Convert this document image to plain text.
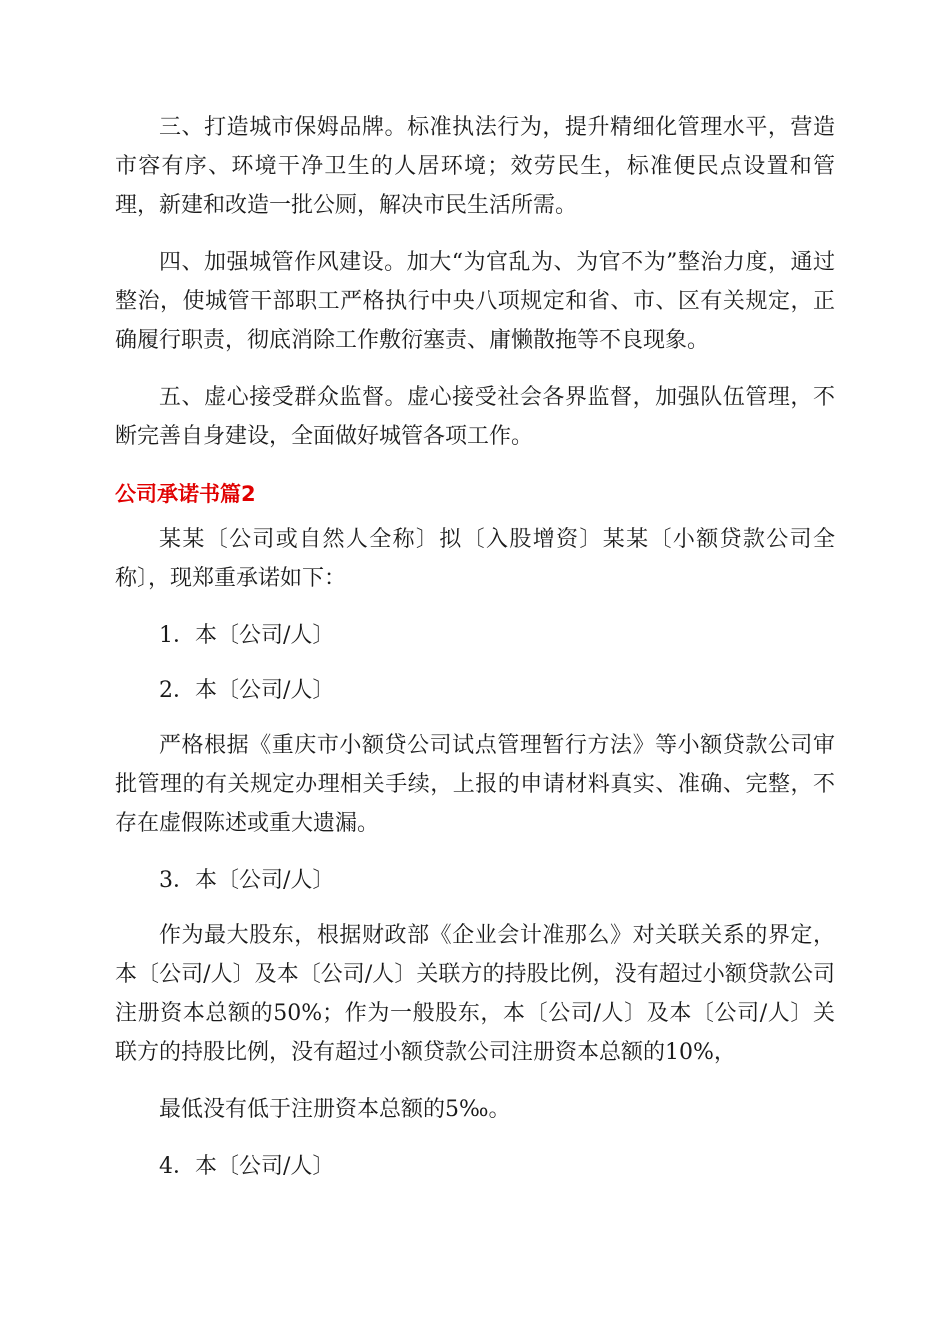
三、打造城市保姆品牌。标准执法行为，提升精细化管理水平，营造市容有序、环境干净卫生的人居环境；效劳民生，标准便民点设置和管理，新建和改造一批公厕，解决市民生活所需。

四、加强城管作风建设。加大“为官乱为、为官不为”整治力度，通过整治，使城管干部职工严格执行中央八项规定和省、市、区有关规定，正确履行职责，彻底消除工作敷衍塞责、庸懒散拖等不良现象。

五、虚心接受群众监督。虚心接受社会各界监督，加强队伍管理，不断完善自身建设，全面做好城管各项工作。

公司承诺书篇2

某某〔公司或自然人全称〕拟〔入股增资〕某某〔小额贷款公司全称〕，现郑重承诺如下：

1．本〔公司/人〕

2．本〔公司/人〕

严格根据《重庆市小额贷公司试点管理暂行方法》等小额贷款公司审批管理的有关规定办理相关手续，上报的申请材料真实、准确、完整，不存在虚假陈述或重大遗漏。

3．本〔公司/人〕

作为最大股东，根据财政部《企业会计准那么》对关联关系的界定，本〔公司/人〕及本〔公司/人〕关联方的持股比例，没有超过小额贷款公司注册资本总额的50%；作为一般股东，本〔公司/人〕及本〔公司/人〕关联方的持股比例，没有超过小额贷款公司注册资本总额的10%，

最低没有低于注册资本总额的5‰。

4．本〔公司/人〕
